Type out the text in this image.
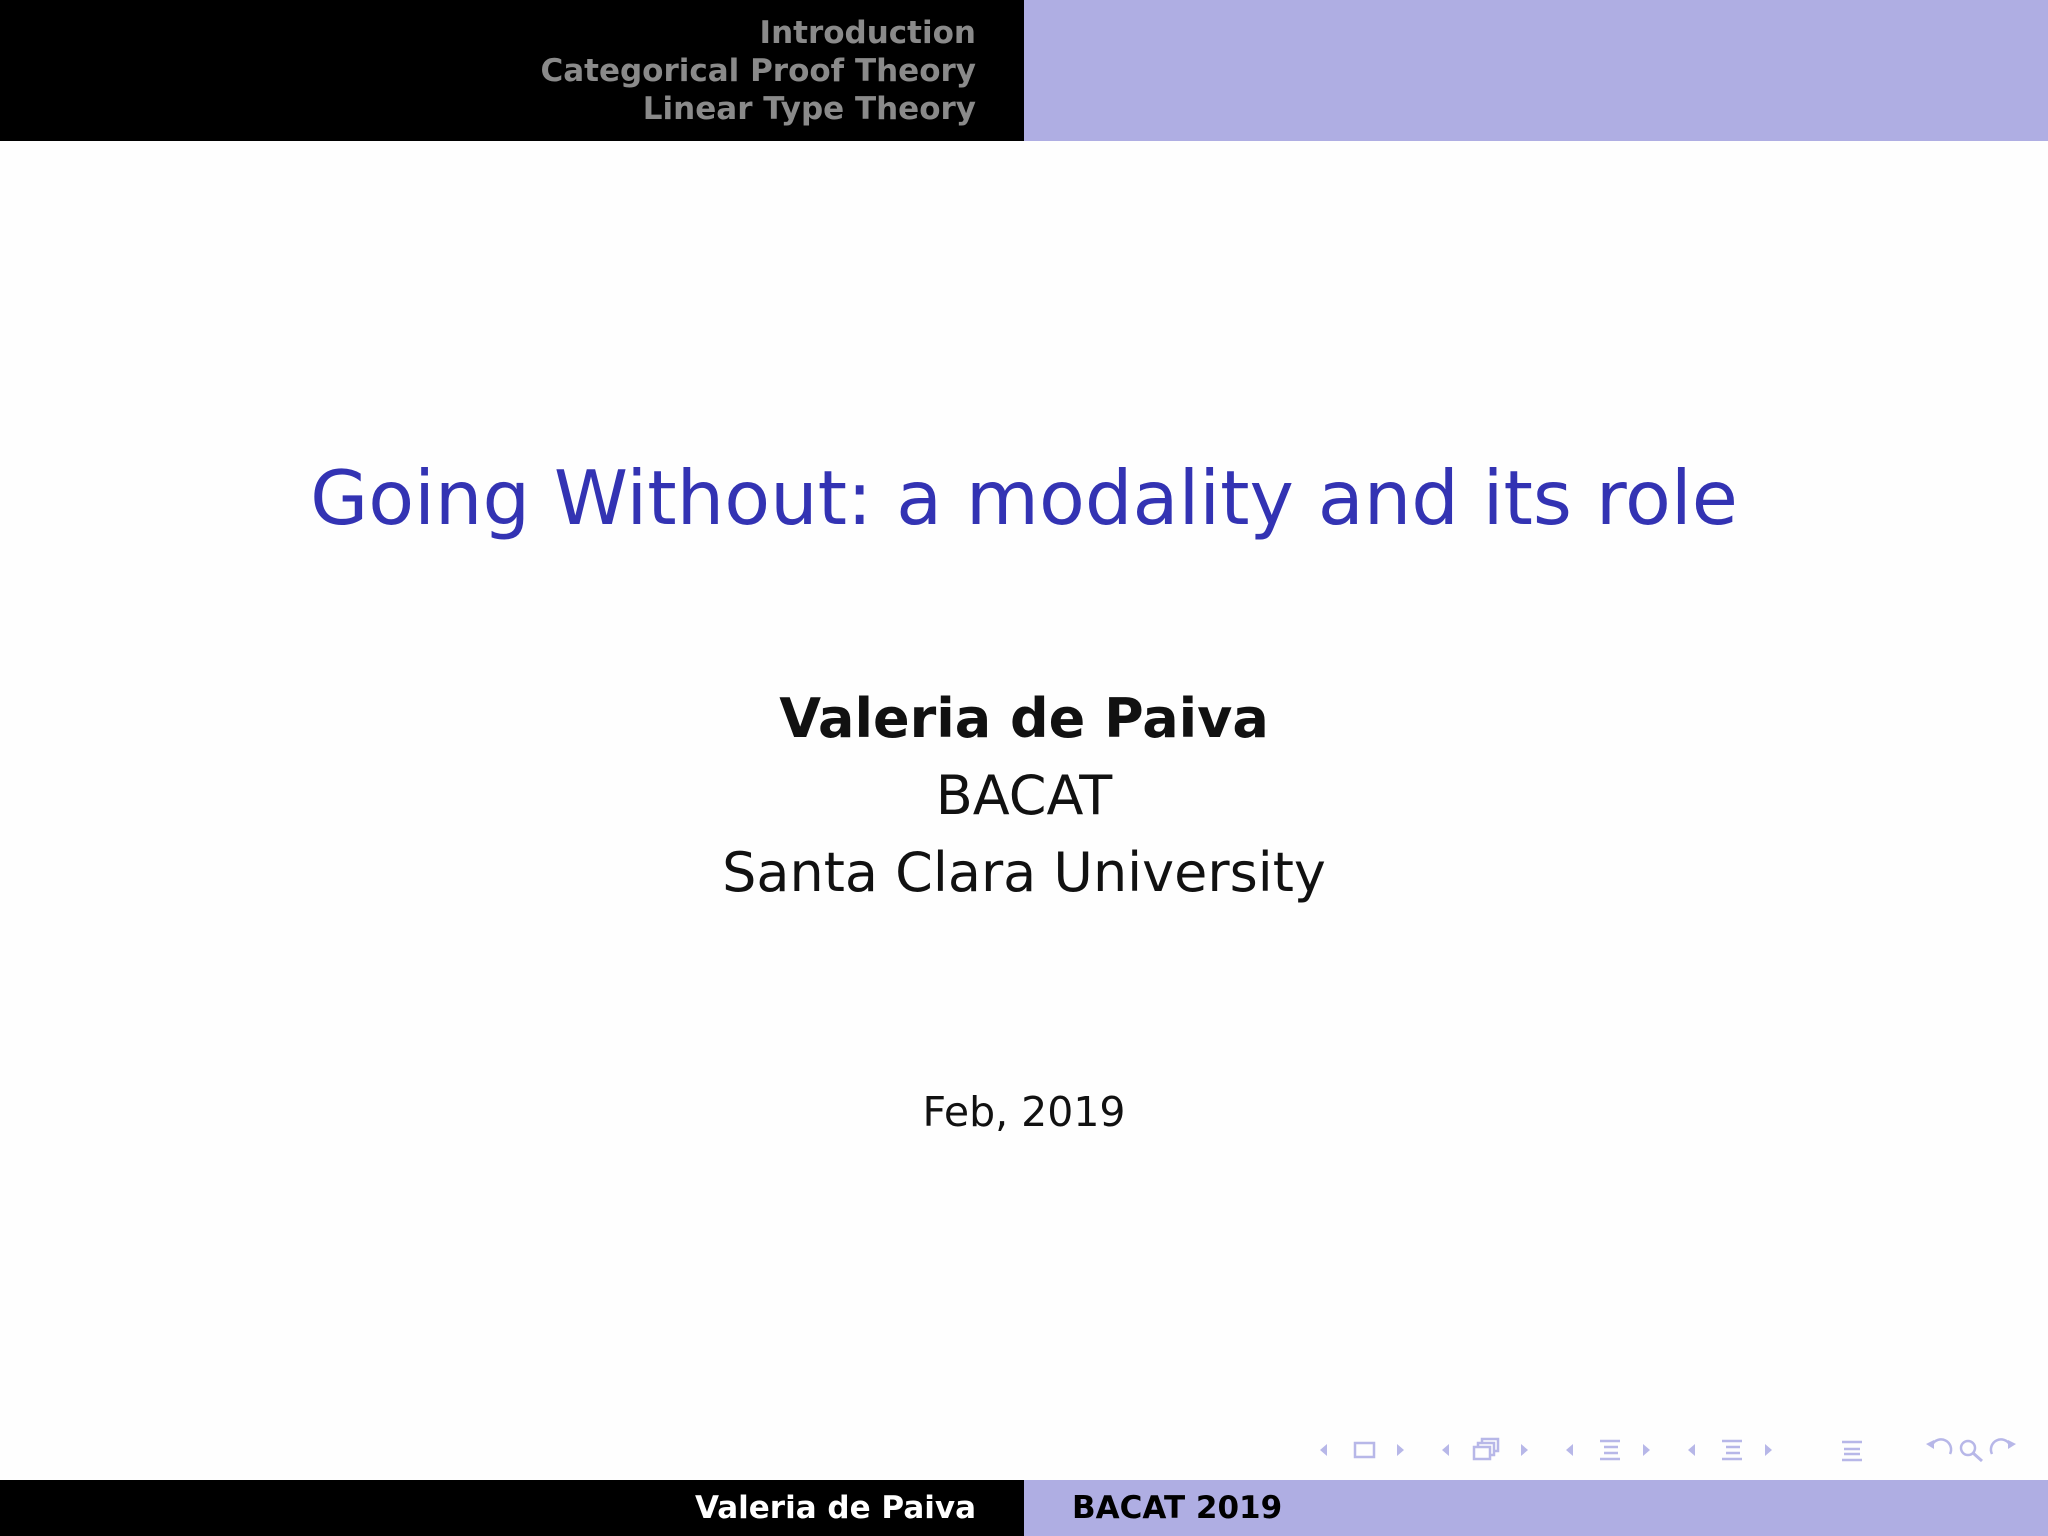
Introduction
Categorical Proof Theory
Linear Type Theory
Going Without: a modality and its role
Valeria de Paiva
BACAT
Santa Clara University
Feb, 2019
Valeria de Paiva	BACAT 2019
